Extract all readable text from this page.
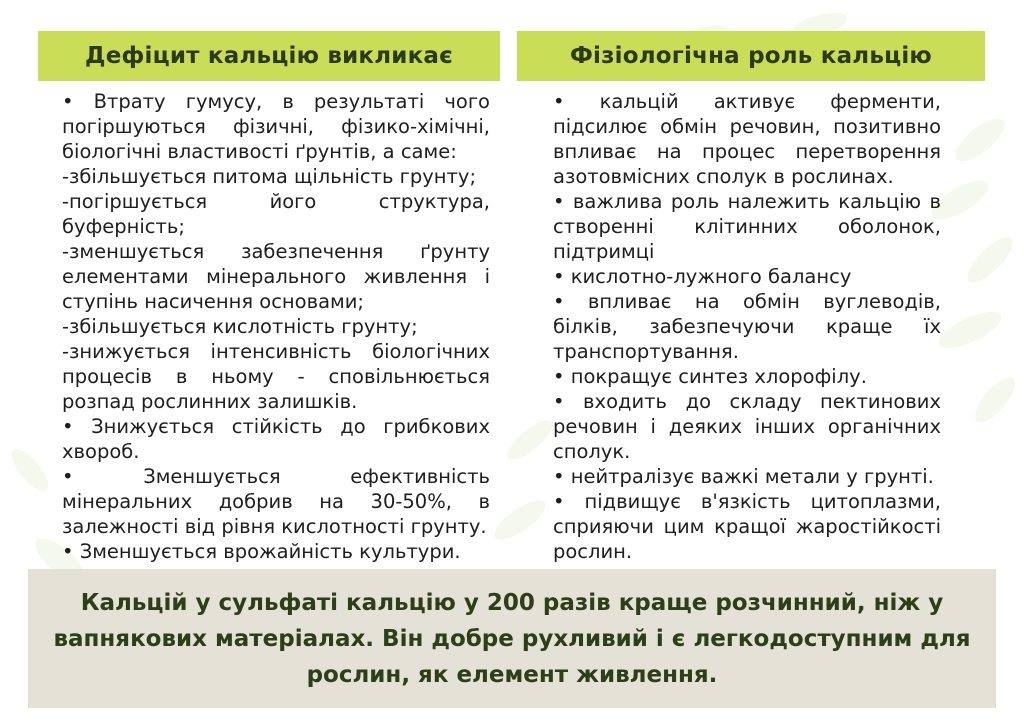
Дефіцит кальцію викликає	Фізіологічна роль кальцію

• Втрату гумусу, в результаті чого погіршуються фізичні, фізико-хімічні, біологічні властивості ґрунтів, а саме:

-збільшується питома щільність грунту;

-погіршується його структура, буферність;

-зменшується забезпечення ґрунту елементами мінерального живлення і ступінь насичення основами;

-збільшується кислотність грунту;

-знижується інтенсивність біологічних процесів в ньому - сповільнюється розпад рослинних залишків.

• Знижується стійкість до грибкових хвороб.

• Зменшується ефективність мінеральних добрив на 30-50%, в залежності від рівня кислотності грунту.

• Зменшується врожайність культури.

• кальцій активує ферменти, підсилює обмін речовин, позитивно впливає на процес перетворення азотовмісних сполук в рослинах.

• важлива роль належить кальцію в створенні клітинних оболонок, підтримці

• кислотно-лужного балансу

• впливає на обмін вуглеводів, білків, забезпечуючи краще їх транспортування.

• покращує синтез хлорофілу.

• входить до складу пектинових речовин і деяких інших органічних сполук.

• нейтралізує важкі метали у грунті.

• підвищує в'язкість цитоплазми, сприяючи цим кращої жаростійкості рослин.

Кальцій у сульфаті кальцію у 200 разів краще розчинний, ніж у вапнякових матеріалах. Він добре рухливий і є легкодоступним для рослин, як елемент живлення.
